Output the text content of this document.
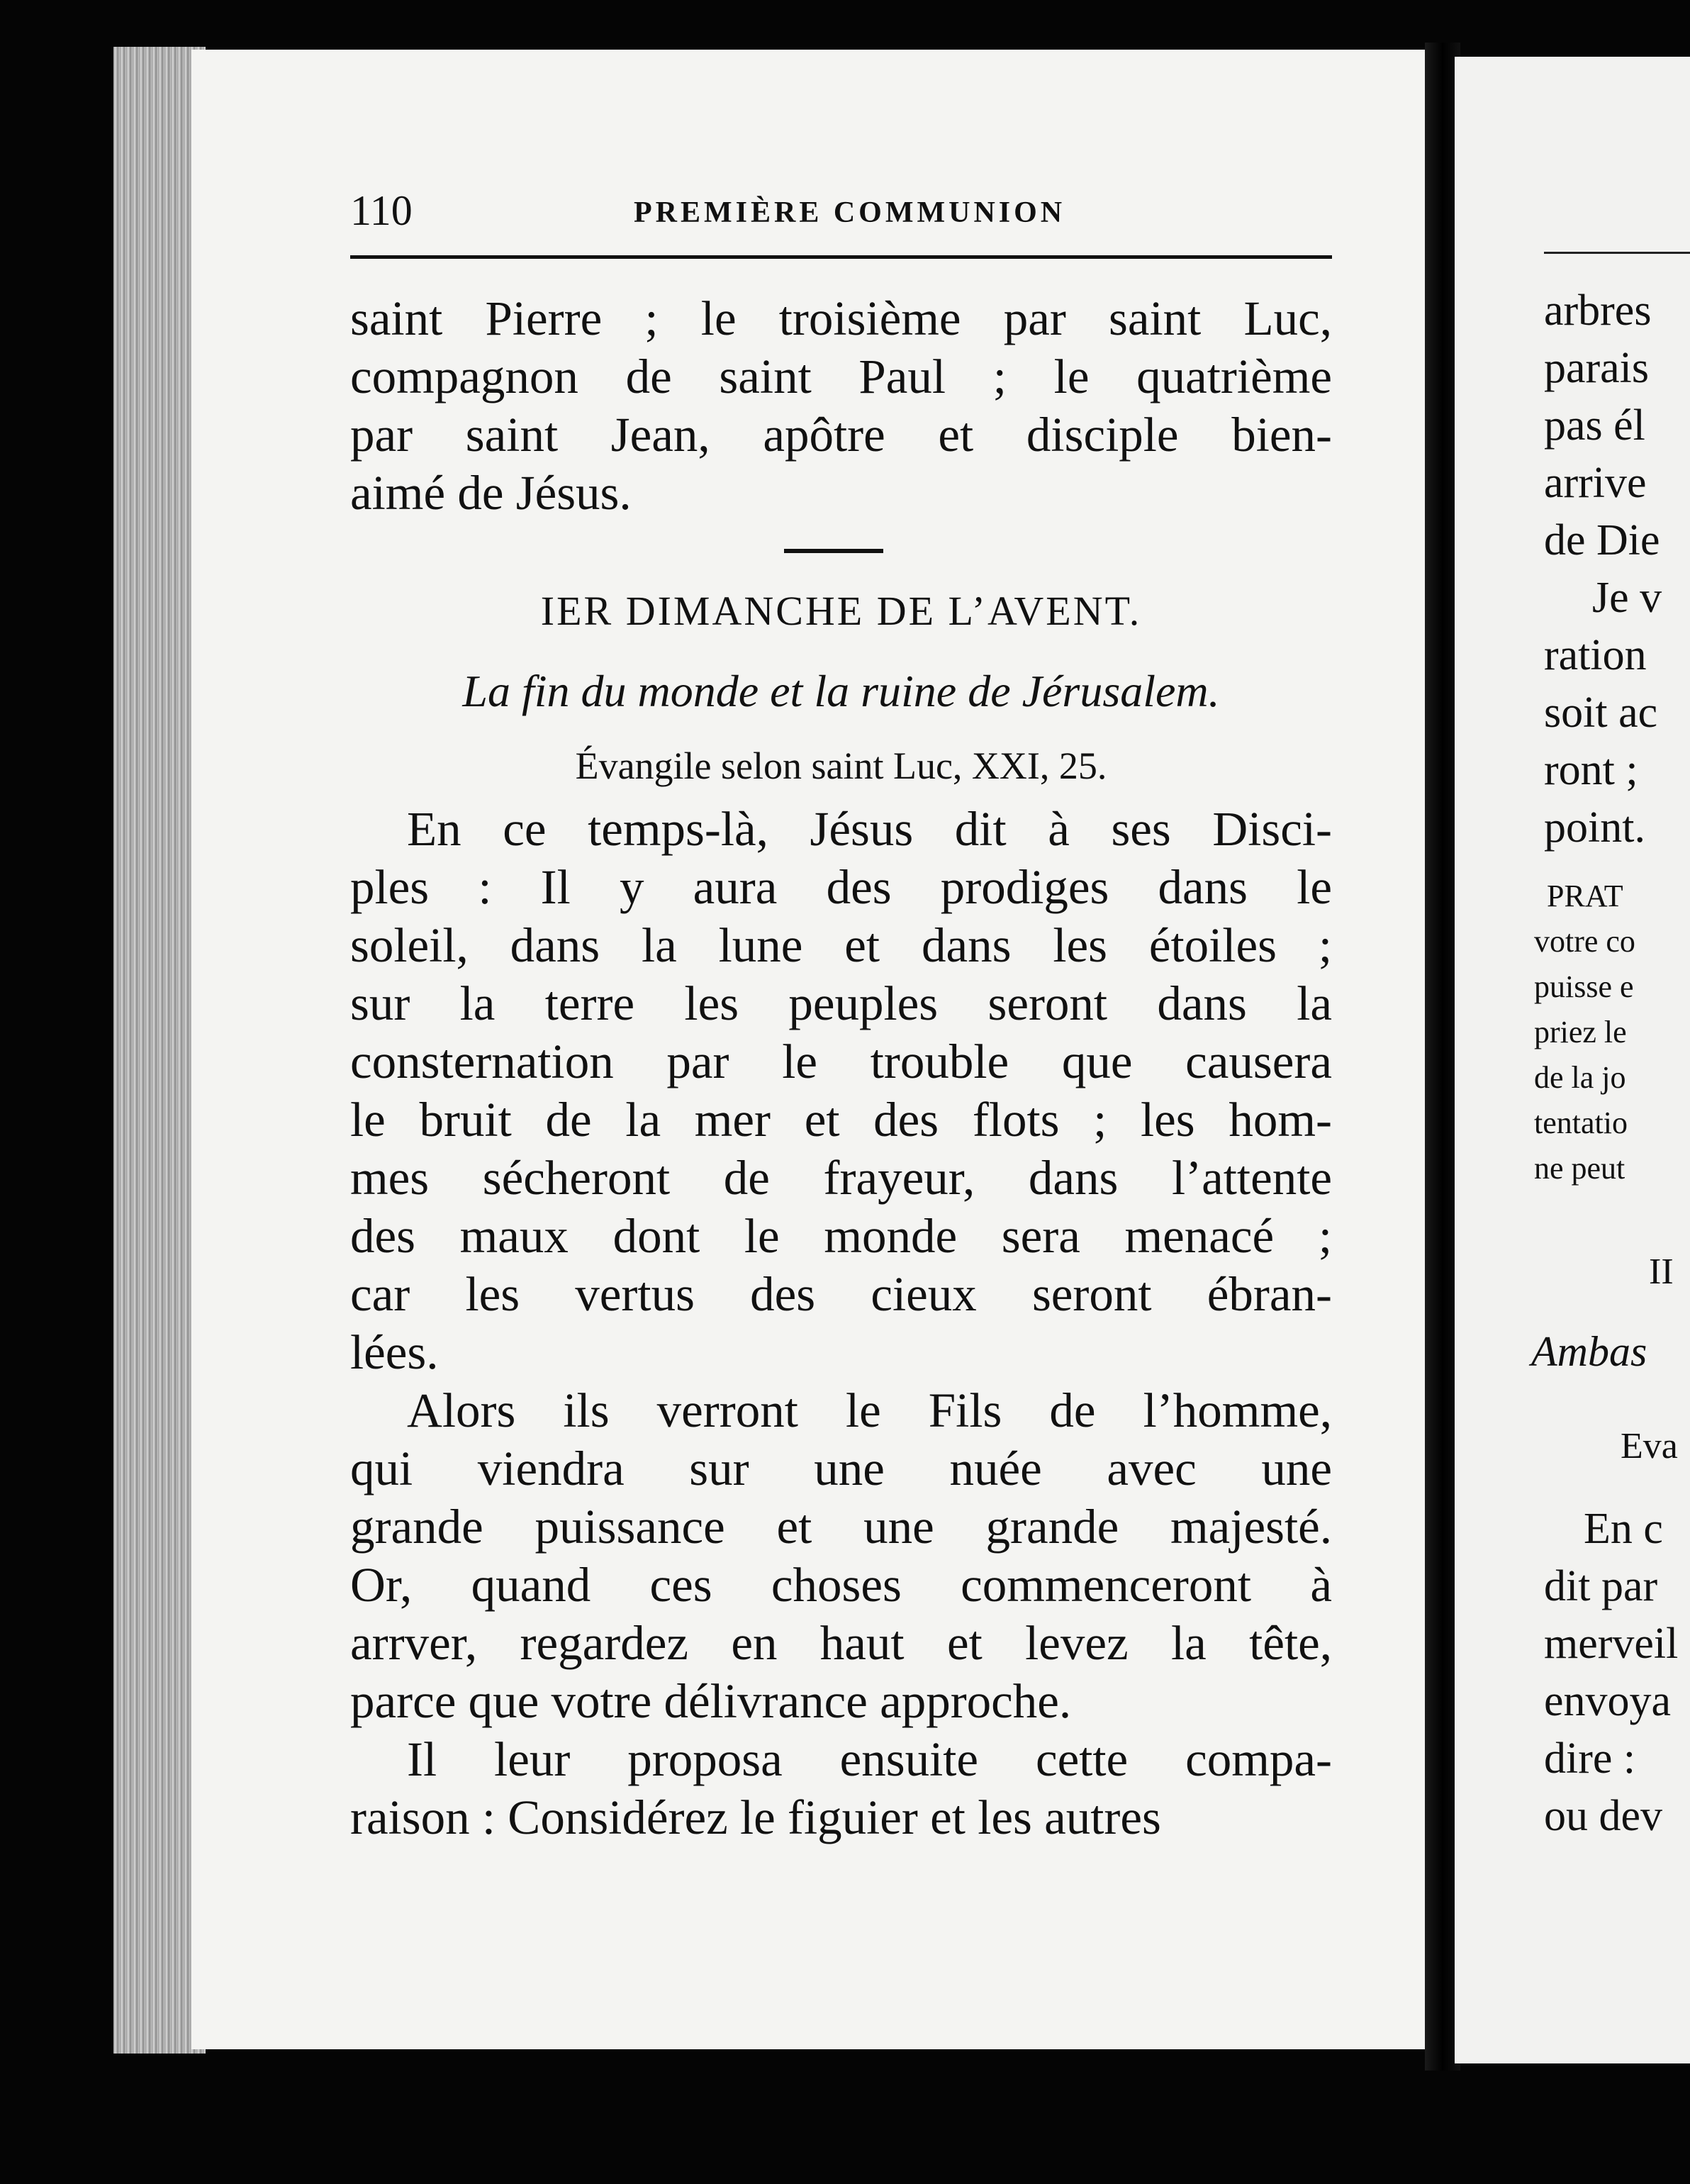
110	PREMIÈRE COMMUNION
saint Pierre ; le troisième par saint Luc,
compagnon de saint Paul ; le quatrième
par saint Jean, apôtre et disciple bien-
aimé de Jésus.
IER DIMANCHE DE L’AVENT.
La fin du monde et la ruine de Jérusalem.
Évangile selon saint Luc, XXI, 25.
En ce temps-là, Jésus dit à ses Disci-
ples : Il y aura des prodiges dans le
soleil, dans la lune et dans les étoiles ;
sur la terre les peuples seront dans la
consternation par le trouble que causera
le bruit de la mer et des flots ; les hom-
mes sécheront de frayeur, dans l’attente
des maux dont le monde sera menacé ;
car les vertus des cieux seront ébran-
lées.
Alors ils verront le Fils de l’homme,
qui viendra sur une nuée avec une
grande puissance et une grande majesté.
Or, quand ces choses commenceront à
arrver, regardez en haut et levez la tête,
parce que votre délivrance approche.
Il leur proposa ensuite cette compa-
raison : Considérez le figuier et les autres
arbres
parais
pas él
arrive
de Die
Je v
ration
soit ac
ront ;
point.
PRAT
votre co
puisse e
priez le
de la jo
tentatio
ne peut
II
Ambas
Eva
En c
dit par
merveil
envoya
dire :
ou dev
